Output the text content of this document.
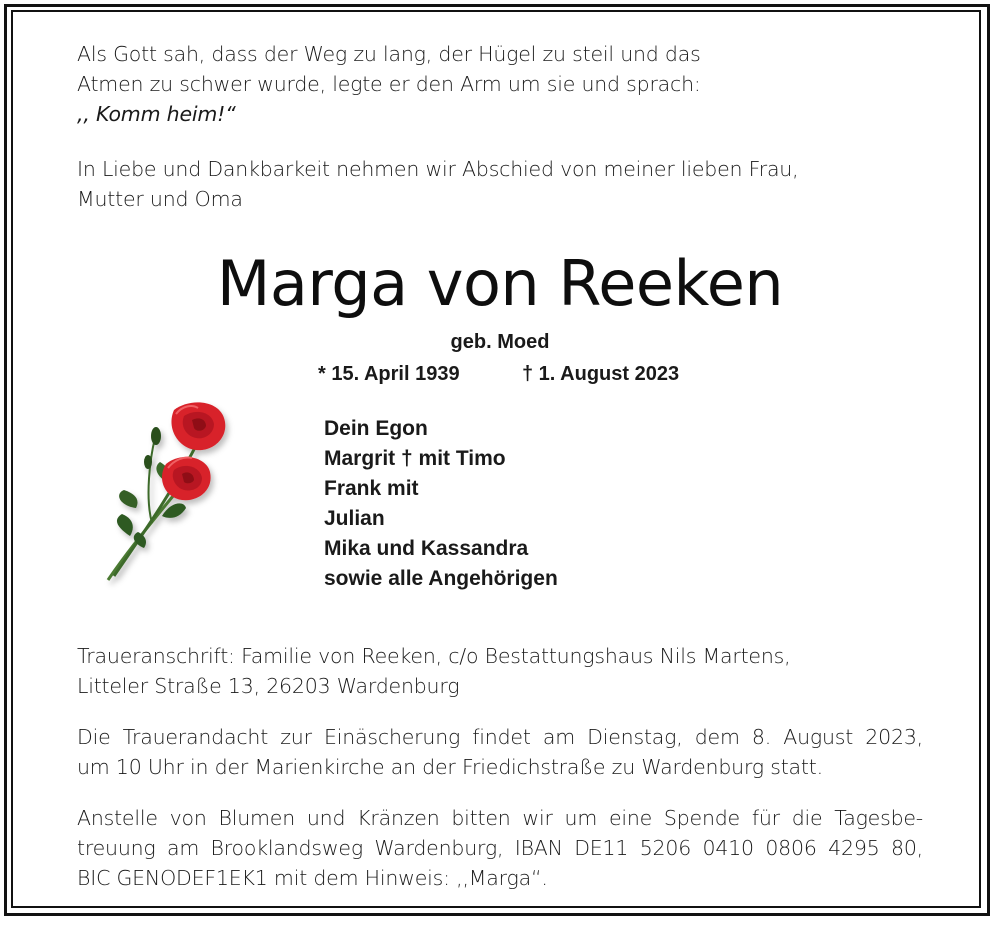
Als Gott sah, dass der Weg zu lang, der Hügel zu steil und das
Atmen zu schwer wurde, legte er den Arm um sie und sprach:
,, Komm heim!“
In Liebe und Dankbarkeit nehmen wir Abschied von meiner lieben Frau,
Mutter und Oma
Marga von Reeken
geb. Moed
* 15. April 1939	† 1. August 2023
Dein Egon
Margrit † mit Timo
Frank mit
Julian
Mika und Kassandra
sowie alle Angehörigen
Traueranschrift: Familie von Reeken, c/o Bestattungshaus Nils Martens,
Litteler Straße 13, 26203 Wardenburg
Die Trauerandacht zur Einäscherung findet am Dienstag, dem 8. August 2023,
um 10 Uhr in der Marienkirche an der Friedichstraße zu Wardenburg statt.
Anstelle von Blumen und Kränzen bitten wir um eine Spende für die Tagesbe-
treuung am Brooklandsweg Wardenburg, IBAN DE11 5206 0410 0806 4295 80,
BIC GENODEF1EK1 mit dem Hinweis: ,,Marga“.
